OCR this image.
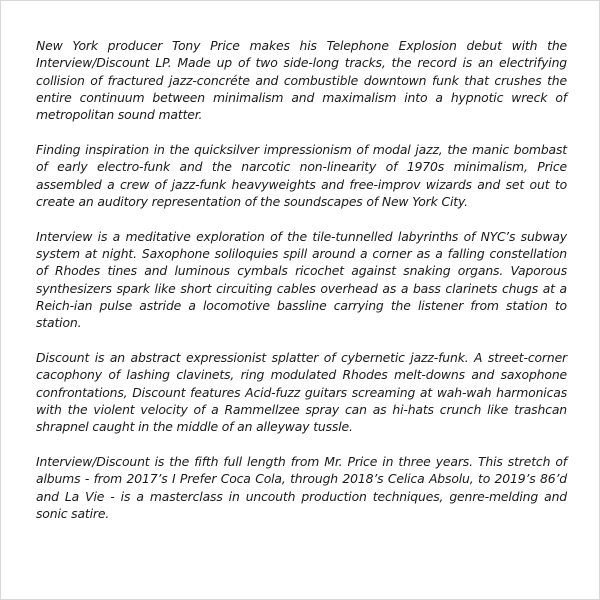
New York producer Tony Price makes his Telephone Explosion debut with the Interview/Discount LP. Made up of two side-long tracks, the record is an electrifying collision of fractured jazz-concréte and combustible downtown funk that crushes the entire continuum between minimalism and maximalism into a hypnotic wreck of metropolitan sound matter.

Finding inspiration in the quicksilver impressionism of modal jazz, the manic bombast of early electro-funk and the narcotic non-linearity of 1970s minimalism, Price assembled a crew of jazz-funk heavyweights and free-improv wizards and set out to create an auditory representation of the soundscapes of New York City.

Interview is a meditative exploration of the tile-tunnelled labyrinths of NYC’s subway system at night. Saxophone soliloquies spill around a corner as a falling constellation of Rhodes tines and luminous cymbals ricochet against snaking organs. Vaporous synthesizers spark like short circuiting cables overhead as a bass clarinets chugs at a Reich-ian pulse astride a locomotive bassline carrying the listener from station to station.

Discount is an abstract expressionist splatter of cybernetic jazz-funk. A street-corner cacophony of lashing clavinets, ring modulated Rhodes melt-downs and saxophone confrontations, Discount features Acid-fuzz guitars screaming at wah-wah harmonicas with the violent velocity of a Rammellzee spray can as hi-hats crunch like trashcan shrapnel caught in the middle of an alleyway tussle.

Interview/Discount is the fifth full length from Mr. Price in three years. This stretch of albums - from 2017’s I Prefer Coca Cola, through 2018’s Celica Absolu, to 2019’s 86’d and La Vie - is a masterclass in uncouth production techniques, genre-melding and sonic satire.
